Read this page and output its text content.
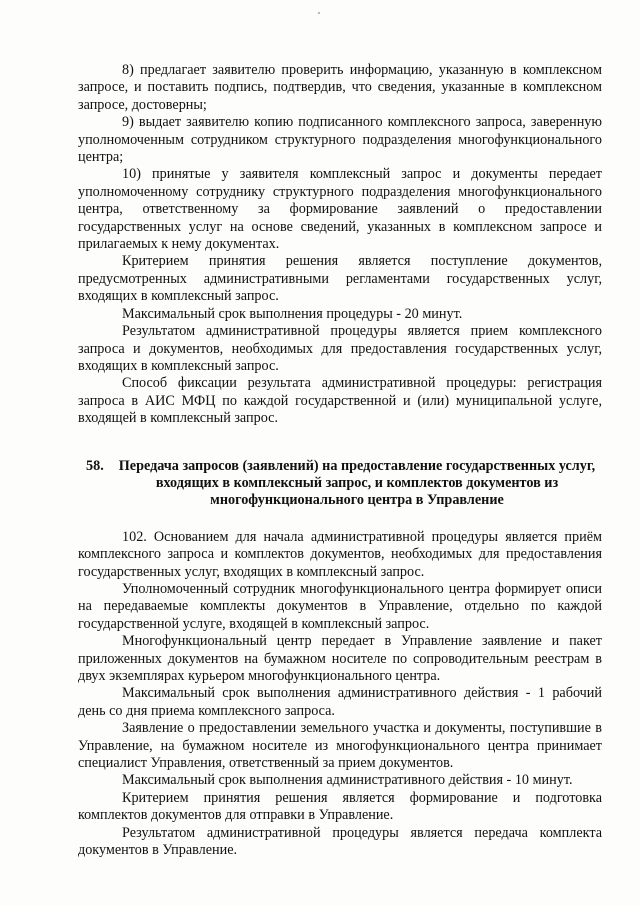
8) предлагает заявителю проверить информацию, указанную в комплексном запросе, и поставить подпись, подтвердив, что сведения, указанные в комплексном запросе, достоверны;

9) выдает заявителю копию подписанного комплексного запроса, заверенную уполномоченным сотрудником структурного подразделения многофункционального центра;

10) принятые у заявителя комплексный запрос и документы передает уполномоченному сотруднику структурного подразделения многофункционального центра, ответственному за формирование заявлений о предоставлении государственных услуг на основе сведений, указанных в комплексном запросе и прилагаемых к нему документах.

Критерием принятия решения является поступление документов, предусмотренных административными регламентами государственных услуг, входящих в комплексный запрос.

Максимальный срок выполнения процедуры - 20 минут.

Результатом административной процедуры является прием комплексного запроса и документов, необходимых для предоставления государственных услуг, входящих в комплексный запрос.

Способ фиксации результата административной процедуры: регистрация запроса в АИС МФЦ по каждой государственной и (или) муниципальной услуге, входящей в комплексный запрос.

58. Передача запросов (заявлений) на предоставление государственных услуг, входящих в комплексный запрос, и комплектов документов из многофункционального центра в Управление

102. Основанием для начала административной процедуры является приём комплексного запроса и комплектов документов, необходимых для предоставления государственных услуг, входящих в комплексный запрос.

Уполномоченный сотрудник многофункционального центра формирует описи на передаваемые комплекты документов в Управление, отдельно по каждой государственной услуге, входящей в комплексный запрос.

Многофункциональный центр передает в Управление заявление и пакет приложенных документов на бумажном носителе по сопроводительным реестрам в двух экземплярах курьером многофункционального центра.

Максимальный срок выполнения административного действия - 1 рабочий день со дня приема комплексного запроса.

Заявление о предоставлении земельного участка и документы, поступившие в Управление, на бумажном носителе из многофункционального центра принимает специалист Управления, ответственный за прием документов.

Максимальный срок выполнения административного действия - 10 минут.

Критерием принятия решения является формирование и подготовка комплектов документов для отправки в Управление.

Результатом административной процедуры является передача комплекта документов в Управление.
